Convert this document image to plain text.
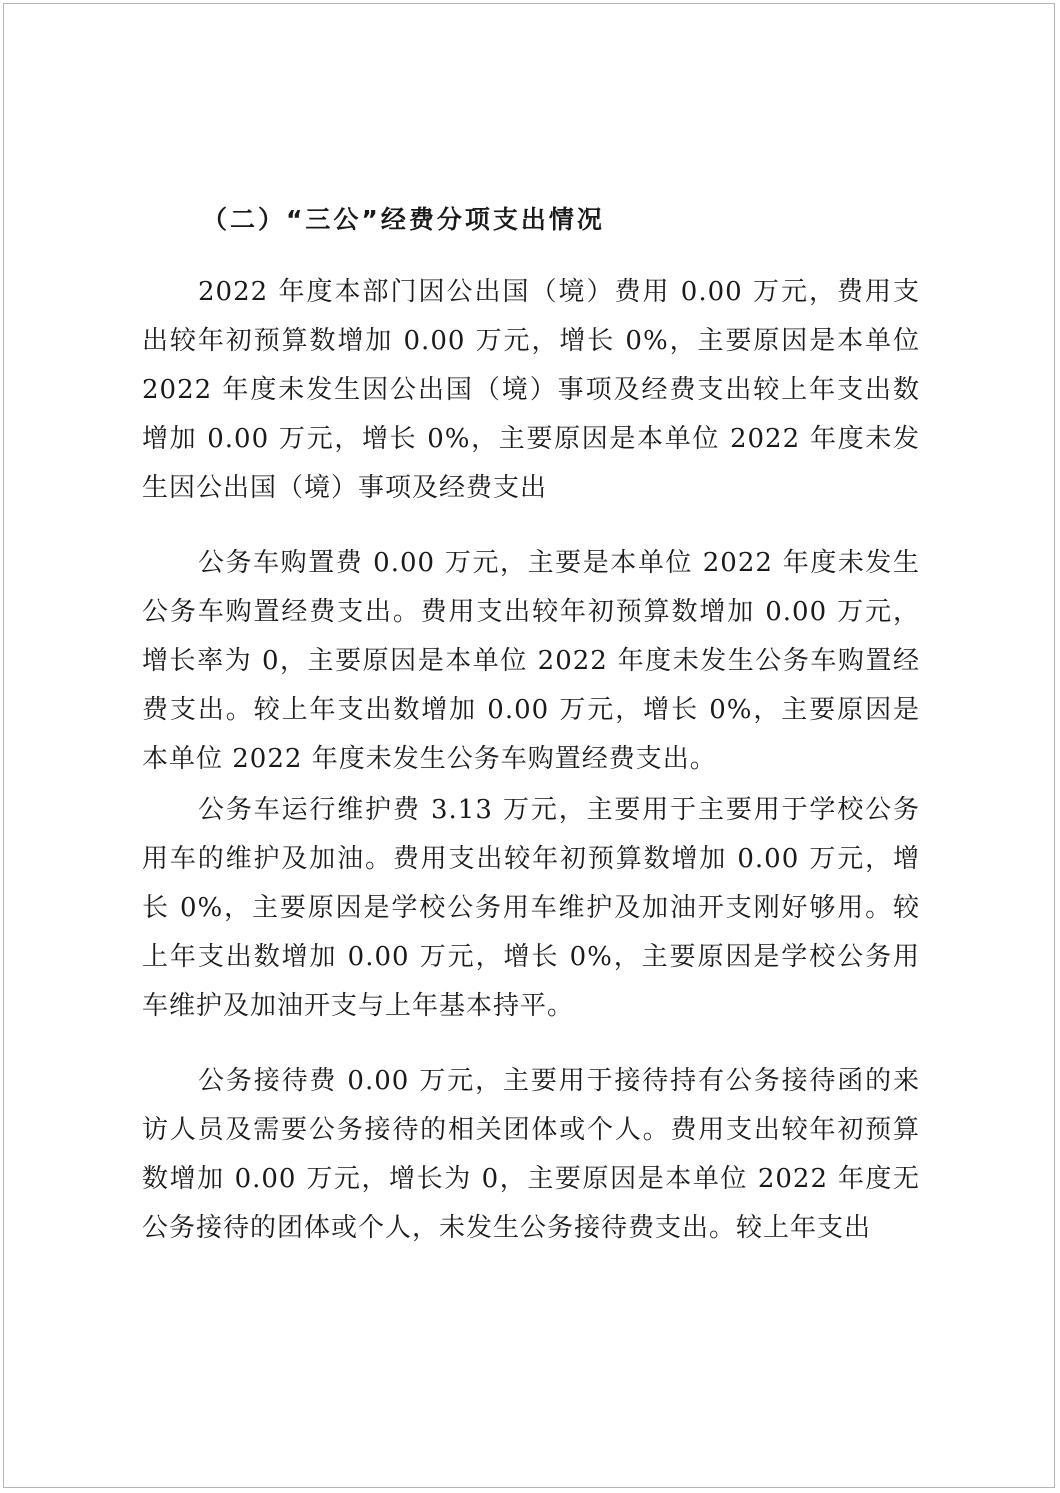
（二）“三公”经费分项支出情况

2022 年度本部门因公出国（境）费用 0.00 万元，费用支出较年初预算数增加 0.00 万元，增长 0%，主要原因是本单位 2022 年度未发生因公出国（境）事项及经费支出较上年支出数增加 0.00 万元，增长 0%，主要原因是本单位 2022 年度未发生因公出国（境）事项及经费支出

公务车购置费 0.00 万元，主要是本单位 2022 年度未发生公务车购置经费支出。费用支出较年初预算数增加 0.00 万元，增长率为 0，主要原因是本单位 2022 年度未发生公务车购置经费支出。较上年支出数增加 0.00 万元，增长 0%，主要原因是本单位 2022 年度未发生公务车购置经费支出。

公务车运行维护费 3.13 万元，主要用于主要用于学校公务用车的维护及加油。费用支出较年初预算数增加 0.00 万元，增长 0%，主要原因是学校公务用车维护及加油开支刚好够用。较上年支出数增加 0.00 万元，增长 0%，主要原因是学校公务用车维护及加油开支与上年基本持平。

公务接待费 0.00 万元，主要用于接待持有公务接待函的来访人员及需要公务接待的相关团体或个人。费用支出较年初预算数增加 0.00 万元，增长为 0，主要原因是本单位 2022 年度无公务接待的团体或个人，未发生公务接待费支出。较上年支出
